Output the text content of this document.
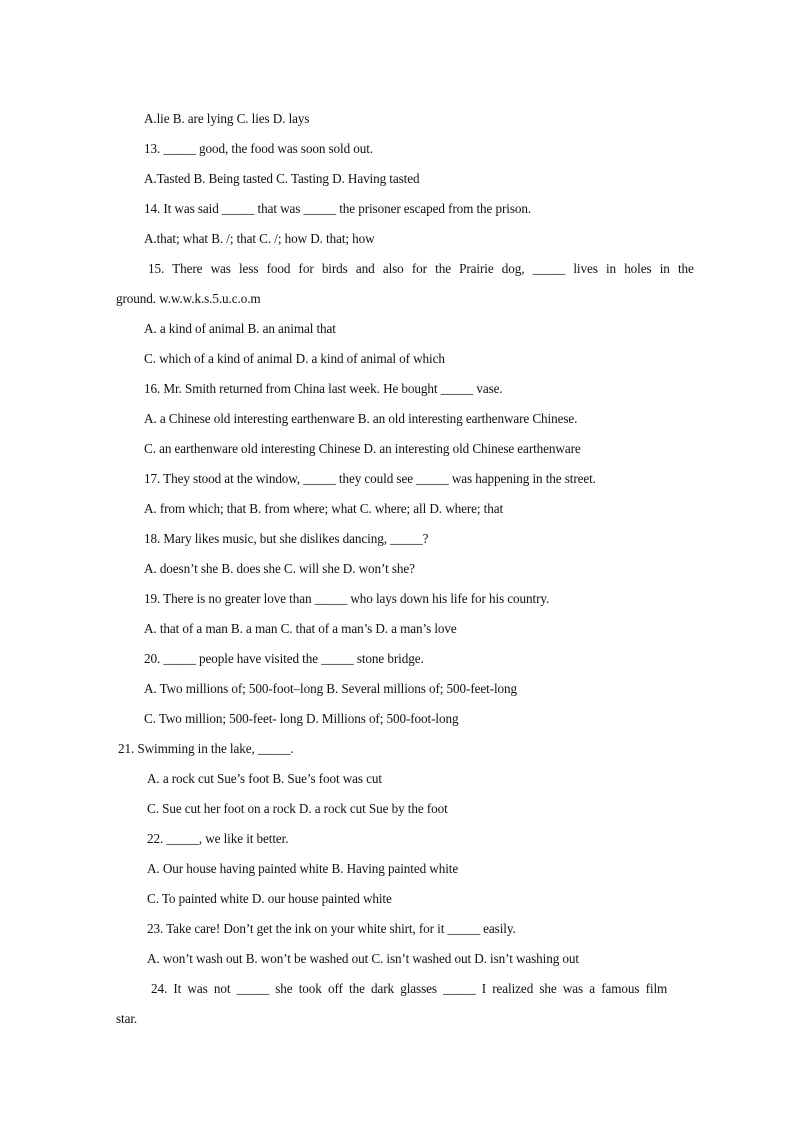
A.lie B. are lying C. lies D. lays
13. _____ good, the food was soon sold out.
A.Tasted B. Being tasted C. Tasting D. Having tasted
14. It was said _____ that was _____ the prisoner escaped from the prison.
A.that; what B. /; that C. /; how D. that; how
15. There was less food for birds and also for the Prairie dog, _____ lives in holes in the
ground. w.w.w.k.s.5.u.c.o.m
A. a kind of animal B. an animal that
C. which of a kind of animal D. a kind of animal of which
16. Mr. Smith returned from China last week. He bought _____ vase.
A. a Chinese old interesting earthenware B. an old interesting earthenware Chinese.
C. an earthenware old interesting Chinese D. an interesting old Chinese earthenware
17. They stood at the window, _____ they could see _____ was happening in the street.
A. from which; that B. from where; what C. where; all D. where; that
18. Mary likes music, but she dislikes dancing, _____?
A. doesn’t she B. does she C. will she D. won’t she?
19. There is no greater love than _____ who lays down his life for his country.
A. that of a man B. a man C. that of a man’s D. a man’s love
20. _____ people have visited the _____ stone bridge.
A. Two millions of; 500-foot–long B. Several millions of; 500-feet-long
C. Two million; 500-feet- long D. Millions of; 500-foot-long
21. Swimming in the lake, _____.
A. a rock cut Sue’s foot B. Sue’s foot was cut
C. Sue cut her foot on a rock D. a rock cut Sue by the foot
22. _____, we like it better.
A. Our house having painted white B. Having painted white
C. To painted white D. our house painted white
23. Take care! Don’t get the ink on your white shirt, for it _____ easily.
A. won’t wash out B. won’t be washed out C. isn’t washed out D. isn’t washing out
24. It was not _____ she took off the dark glasses _____ I realized she was a famous film
star.
